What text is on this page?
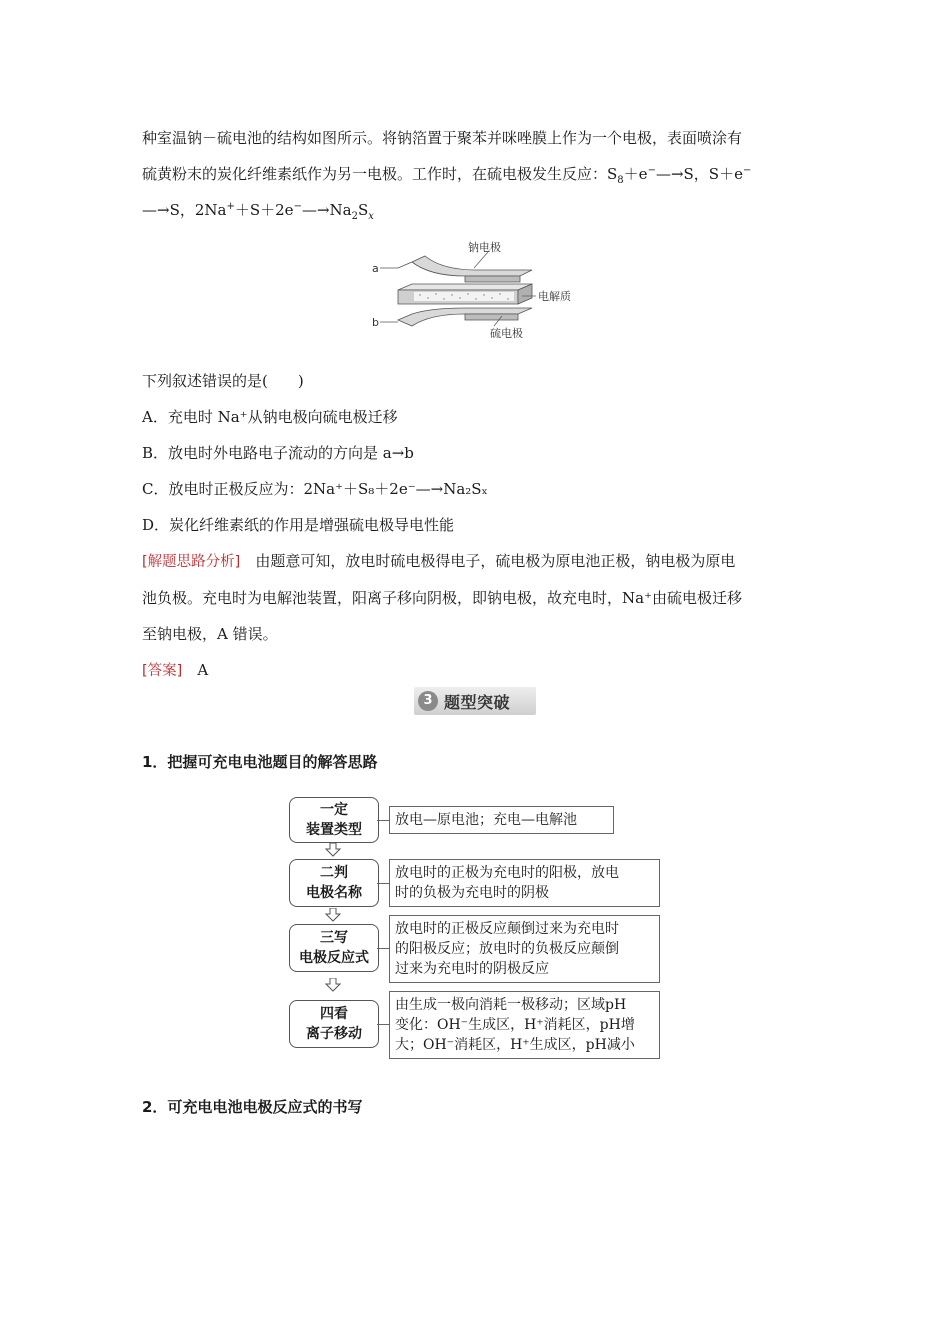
种室温钠－硫电池的结构如图所示。将钠箔置于聚苯并咪唑膜上作为一个电极，表面喷涂有

硫黄粉末的炭化纤维素纸作为另一电极。工作时，在硫电极发生反应：$S_8+e^-—\to S$，S＋e−

—→S，$2Na^++S+2e^-—\to Na_2S_x$

a
b
钠电极
电解质
硫电极

下列叙述错误的是(　　)

A．充电时 Na⁺从钠电极向硫电极迁移

B．放电时外电路电子流动的方向是 a→b

C．放电时正极反应为：2Na⁺＋S₈＋2e⁻—→Na₂Sₓ

D．炭化纤维素纸的作用是增强硫电极导电性能

[解题思路分析]　 由题意可知，放电时硫电极得电子，硫电极为原电池正极，钠电极为原电

池负极。充电时为电解池装置，阳离子移向阴极，即钠电极，故充电时，Na⁺由硫电极迁移

至钠电极，A 错误。

[答案]　 A

3 题型突破

1．把握可充电电池题目的解答思路

一定
装置类型
放电—原电池；充电—电解池
二判
电极名称
放电时的正极为充电时的阳极，放电
时的负极为充电时的阴极
三写
电极反应式
放电时的正极反应颠倒过来为充电时
的阳极反应；放电时的负极反应颠倒
过来为充电时的阴极反应
四看
离子移动
由生成一极向消耗一极移动；区域pH
变化：OH⁻生成区，H⁺消耗区，pH增
大；OH⁻消耗区，H⁺生成区，pH减小

2．可充电电池电极反应式的书写
